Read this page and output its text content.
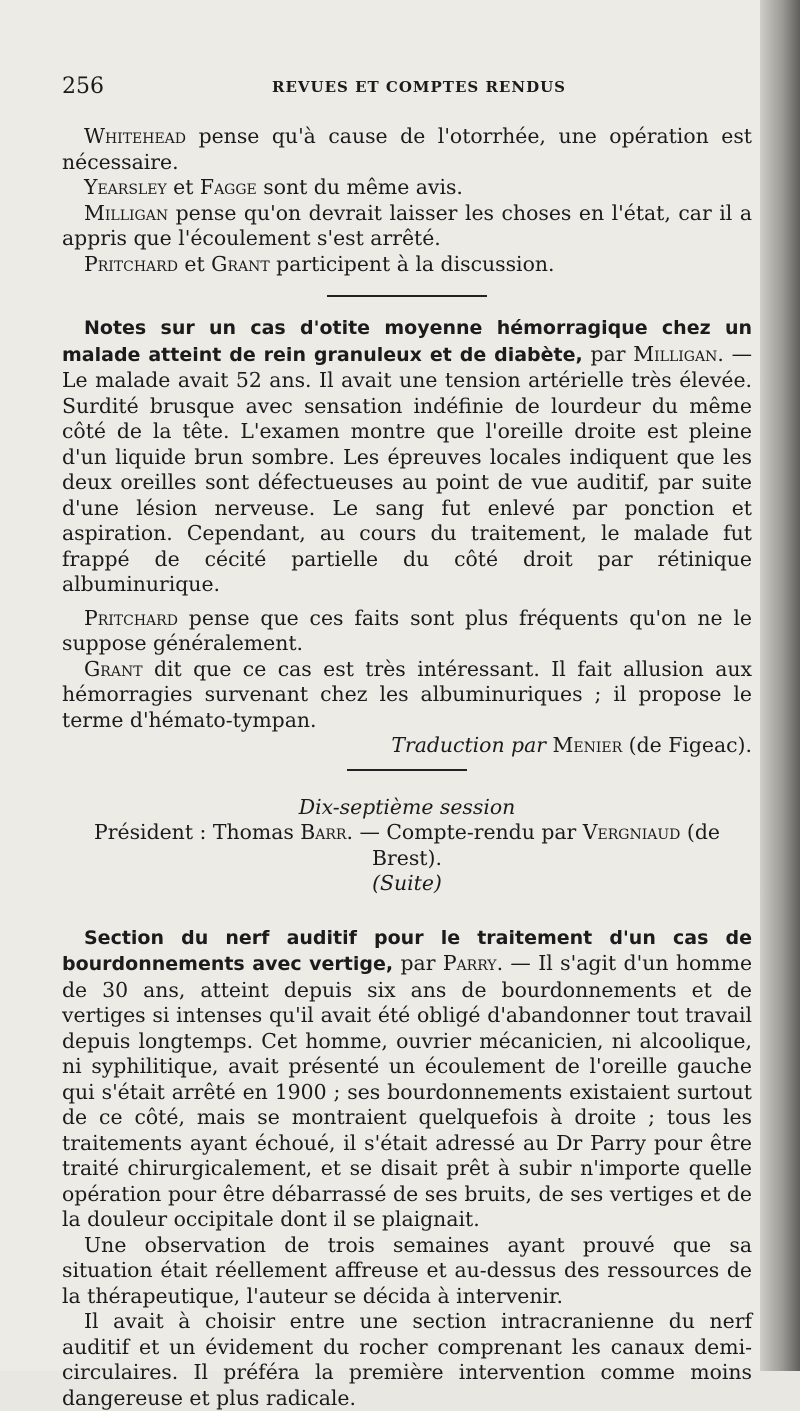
256	REVUES ET COMPTES RENDUS

Whitehead pense qu'à cause de l'otorrhée, une opération est nécessaire.

Yearsley et Fagge sont du même avis.

Milligan pense qu'on devrait laisser les choses en l'état, car il a appris que l'écoulement s'est arrêté.

Pritchard et Grant participent à la discussion.

Notes sur un cas d'otite moyenne hémorragique chez un malade atteint de rein granuleux et de diabète, par Milligan. — Le malade avait 52 ans. Il avait une tension artérielle très élevée. Surdité brusque avec sensation indéfinie de lourdeur du même côté de la tête. L'examen montre que l'oreille droite est pleine d'un liquide brun sombre. Les épreuves locales indiquent que les deux oreilles sont défectueuses au point de vue auditif, par suite d'une lésion nerveuse. Le sang fut enlevé par ponction et aspiration. Cependant, au cours du traitement, le malade fut frappé de cécité partielle du côté droit par rétinique albuminurique.

Pritchard pense que ces faits sont plus fréquents qu'on ne le suppose généralement.

Grant dit que ce cas est très intéressant. Il fait allusion aux hémorragies survenant chez les albuminuriques ; il propose le terme d'hémato-tympan.

Traduction par Menier (de Figeac).

Dix-septième session

Président : Thomas Barr. — Compte-rendu par Vergniaud (de Brest).

(Suite)

Section du nerf auditif pour le traitement d'un cas de bourdonnements avec vertige, par Parry. — Il s'agit d'un homme de 30 ans, atteint depuis six ans de bourdonnements et de vertiges si intenses qu'il avait été obligé d'abandonner tout travail depuis longtemps. Cet homme, ouvrier mécanicien, ni alcoolique, ni syphilitique, avait présenté un écoulement de l'oreille gauche qui s'était arrêté en 1900 ; ses bourdonnements existaient surtout de ce côté, mais se montraient quelquefois à droite ; tous les traitements ayant échoué, il s'était adressé au Dr Parry pour être traité chirurgicalement, et se disait prêt à subir n'importe quelle opération pour être débarrassé de ses bruits, de ses vertiges et de la douleur occipitale dont il se plaignait.

Une observation de trois semaines ayant prouvé que sa situation était réellement affreuse et au-dessus des ressources de la thérapeutique, l'auteur se décida à intervenir.

Il avait à choisir entre une section intracranienne du nerf auditif et un évidement du rocher comprenant les canaux demi-circulaires. Il préféra la première intervention comme moins dangereuse et plus radicale.
